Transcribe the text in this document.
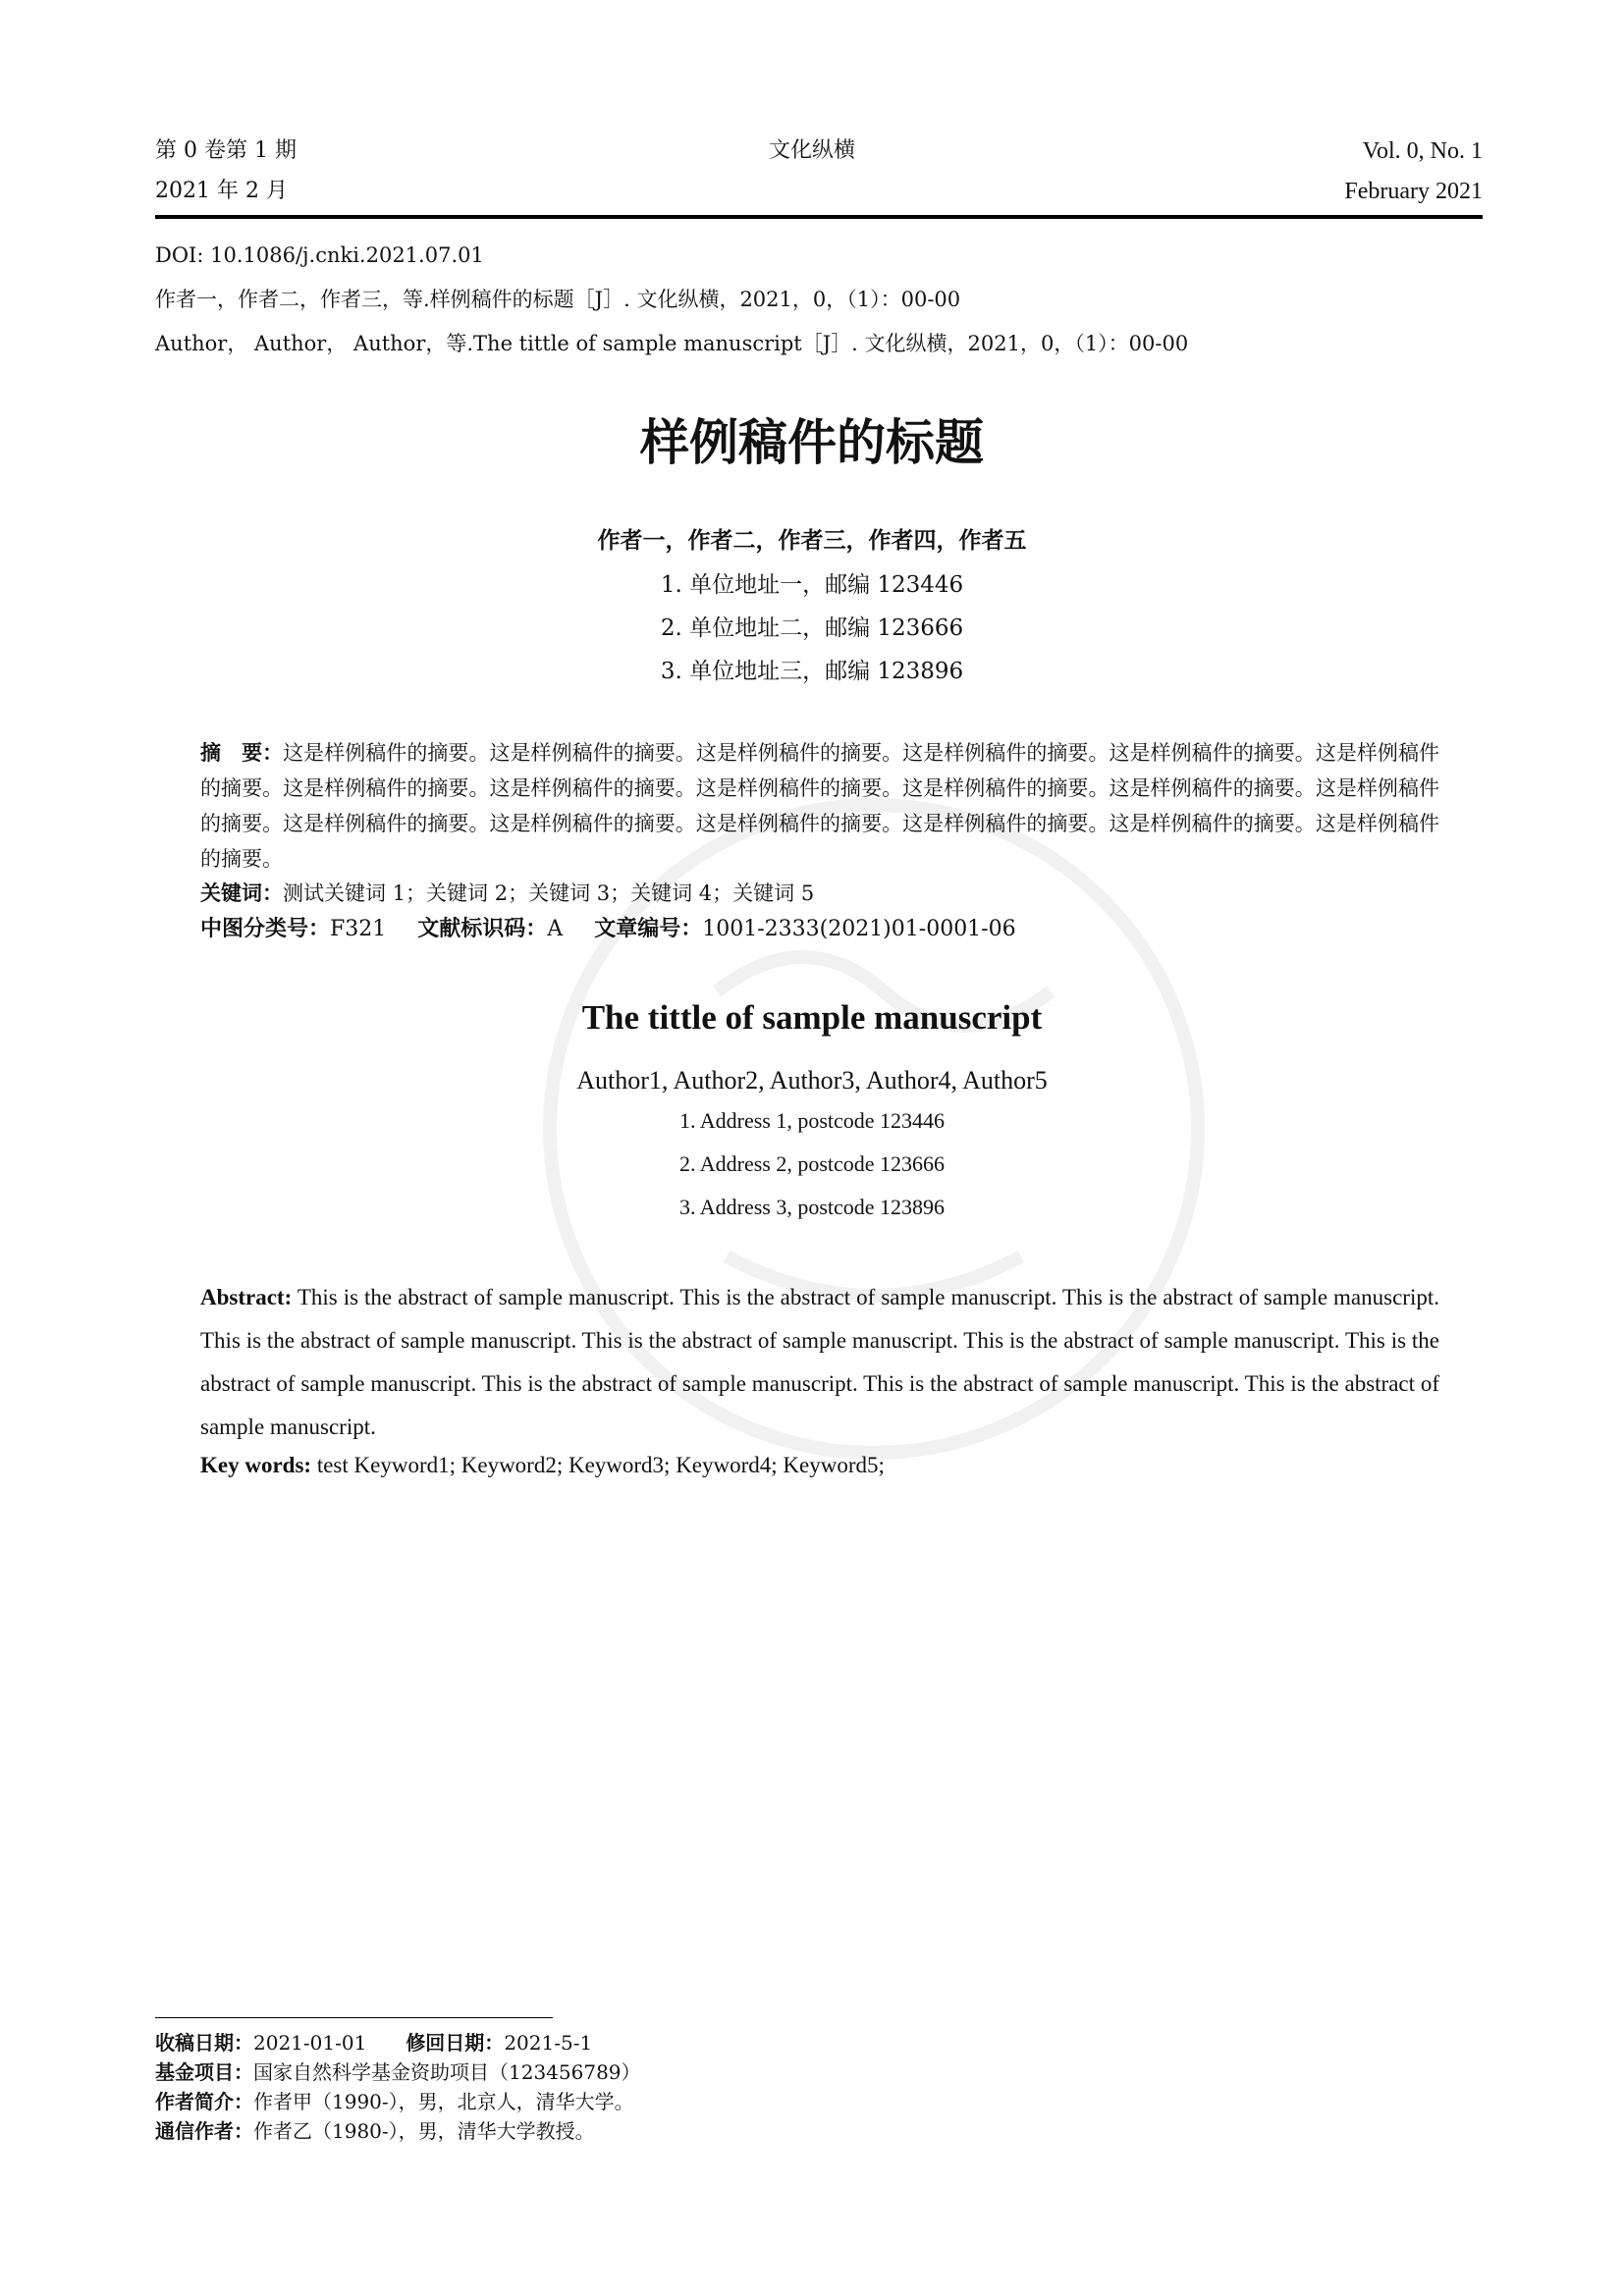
第 0 卷第 1 期
2021 年 2 月
文化纵横	Vol. 0, No. 1
February 2021
DOI: 10.1086/j.cnki.2021.07.01
作者一，作者二，作者三，等.样例稿件的标题［J］. 文化纵横，2021，0，（1）：00-00
Author， Author， Author，等.The tittle of sample manuscript［J］. 文化纵横，2021，0，（1）：00-00
样例稿件的标题
作者一，作者二，作者三，作者四，作者五
1. 单位地址一，邮编 123446
2. 单位地址二，邮编 123666
3. 单位地址三，邮编 123896
摘　要：这是样例稿件的摘要。这是样例稿件的摘要。这是样例稿件的摘要。这是样例稿件的摘要。这是样例稿件的摘要。这是样例稿件的摘要。这是样例稿件的摘要。这是样例稿件的摘要。这是样例稿件的摘要。这是样例稿件的摘要。这是样例稿件的摘要。这是样例稿件的摘要。这是样例稿件的摘要。这是样例稿件的摘要。这是样例稿件的摘要。这是样例稿件的摘要。这是样例稿件的摘要。这是样例稿件的摘要。
关键词：测试关键词 1；关键词 2；关键词 3；关键词 4；关键词 5
中图分类号：F321 文献标识码：A 文章编号：1001-2333(2021)01-0001-06
The tittle of sample manuscript
Author1, Author2, Author3, Author4, Author5
1. Address 1, postcode 123446
2. Address 2, postcode 123666
3. Address 3, postcode 123896
Abstract: This is the abstract of sample manuscript. This is the abstract of sample manuscript. This is the abstract of sample manuscript. This is the abstract of sample manuscript. This is the abstract of sample manuscript. This is the abstract of sample manuscript. This is the abstract of sample manuscript. This is the abstract of sample manuscript. This is the abstract of sample manuscript. This is the abstract of sample manuscript.
Key words: test Keyword1; Keyword2; Keyword3; Keyword4; Keyword5;
收稿日期：2021-01-01 修回日期：2021-5-1
基金项目：国家自然科学基金资助项目（123456789）
作者简介：作者甲（1990-），男，北京人，清华大学。
通信作者：作者乙（1980-），男，清华大学教授。
